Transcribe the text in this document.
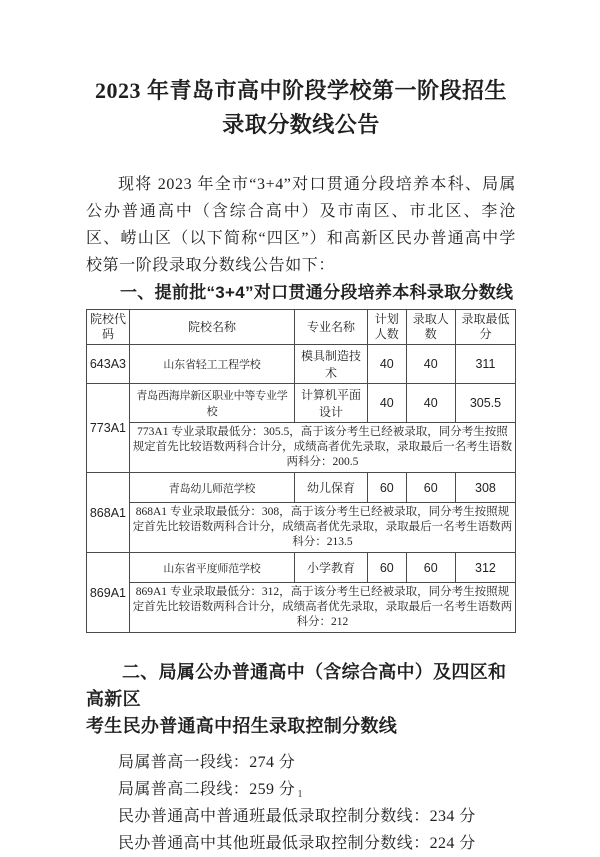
2023 年青岛市高中阶段学校第一阶段招生
录取分数线公告

现将 2023 年全市“3+4”对口贯通分段培养本科、局属公办普通高中（含综合高中）及市南区、市北区、李沧区、崂山区（以下简称“四区”）和高新区民办普通高中学校第一阶段录取分数线公告如下：

一、提前批“3+4”对口贯通分段培养本科录取分数线
院校代码	院校名称	专业名称	计划人数	录取人数	录取最低分
643A3	山东省轻工工程学校	模具制造技术	40	40	311
773A1	青岛西海岸新区职业中等专业学校	计算机平面设计	40	40	305.5
	773A1 专业录取最低分：305.5，高于该分考生已经被录取，同分考生按照规定首先比较语数两科合计分，成绩高者优先录取，录取最后一名考生语数两科分：200.5				
868A1	青岛幼儿师范学校	幼儿保育	60	60	308
	868A1 专业录取最低分：308，高于该分考生已经被录取，同分考生按照规定首先比较语数两科合计分，成绩高者优先录取，录取最后一名考生语数两科分：213.5				
869A1	山东省平度师范学校	小学教育	60	60	312
	869A1 专业录取最低分：312，高于该分考生已经被录取，同分考生按照规定首先比较语数两科合计分，成绩高者优先录取，录取最后一名考生语数两科分：212				
二、局属公办普通高中（含综合高中）及四区和高新区
考生民办普通高中招生录取控制分数线
局属普高一段线：274 分
局属普高二段线：259 分
民办普通高中普通班最低录取控制分数线：234 分
民办普通高中其他班最低录取控制分数线：224 分
1
